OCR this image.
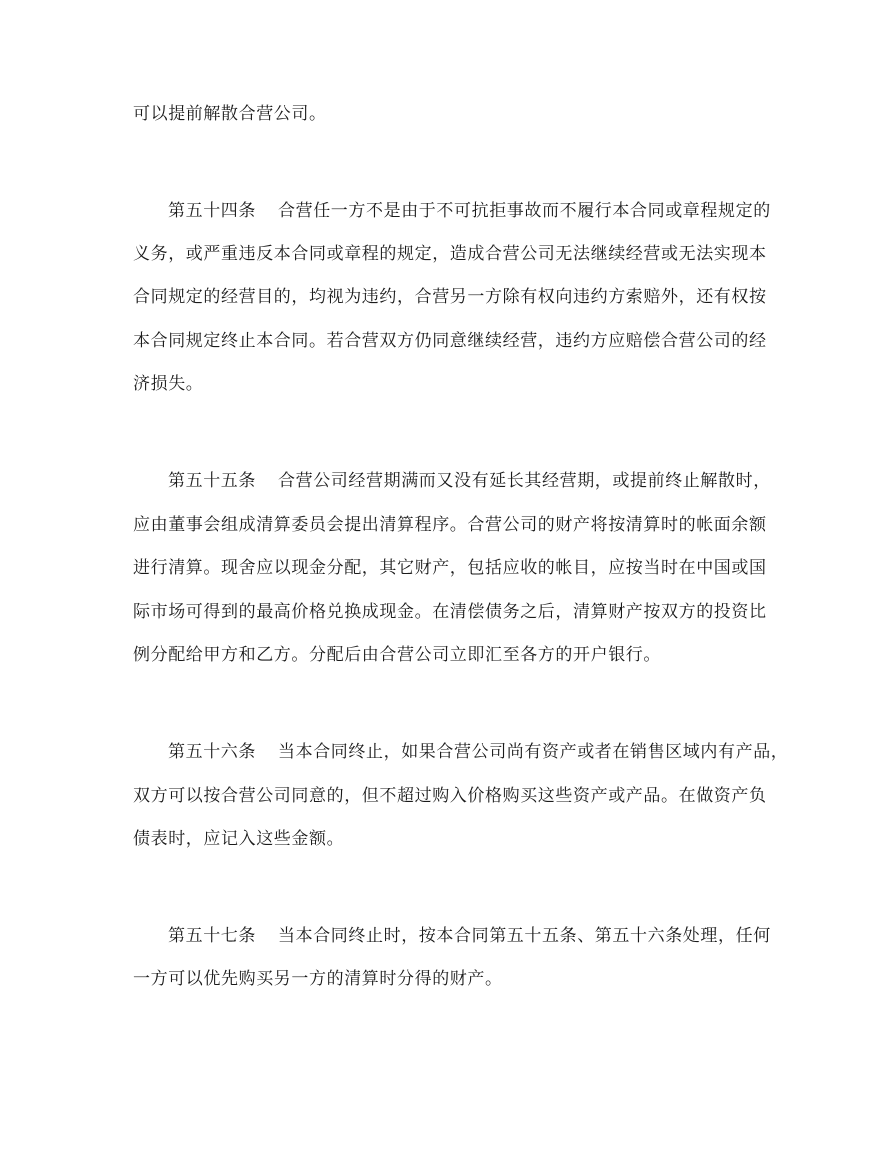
可以提前解散合营公司。
第五十四条 合营任一方不是由于不可抗拒事故而不履行本合同或章程规定的
义务，或严重违反本合同或章程的规定，造成合营公司无法继续经营或无法实现本
合同规定的经营目的，均视为违约，合营另一方除有权向违约方索赔外，还有权按
本合同规定终止本合同。若合营双方仍同意继续经营，违约方应赔偿合营公司的经
济损失。
第五十五条 合营公司经营期满而又没有延长其经营期，或提前终止解散时，
应由董事会组成清算委员会提出清算程序。合营公司的财产将按清算时的帐面余额
进行清算。现舍应以现金分配，其它财产，包括应收的帐目，应按当时在中国或国
际市场可得到的最高价格兑换成现金。在清偿债务之后，清算财产按双方的投资比
例分配给甲方和乙方。分配后由合营公司立即汇至各方的开户银行。
第五十六条 当本合同终止，如果合营公司尚有资产或者在销售区域内有产品，
双方可以按合营公司同意的，但不超过购入价格购买这些资产或产品。在做资产负
债表时，应记入这些金额。
第五十七条 当本合同终止时，按本合同第五十五条、第五十六条处理，任何
一方可以优先购买另一方的清算时分得的财产。
